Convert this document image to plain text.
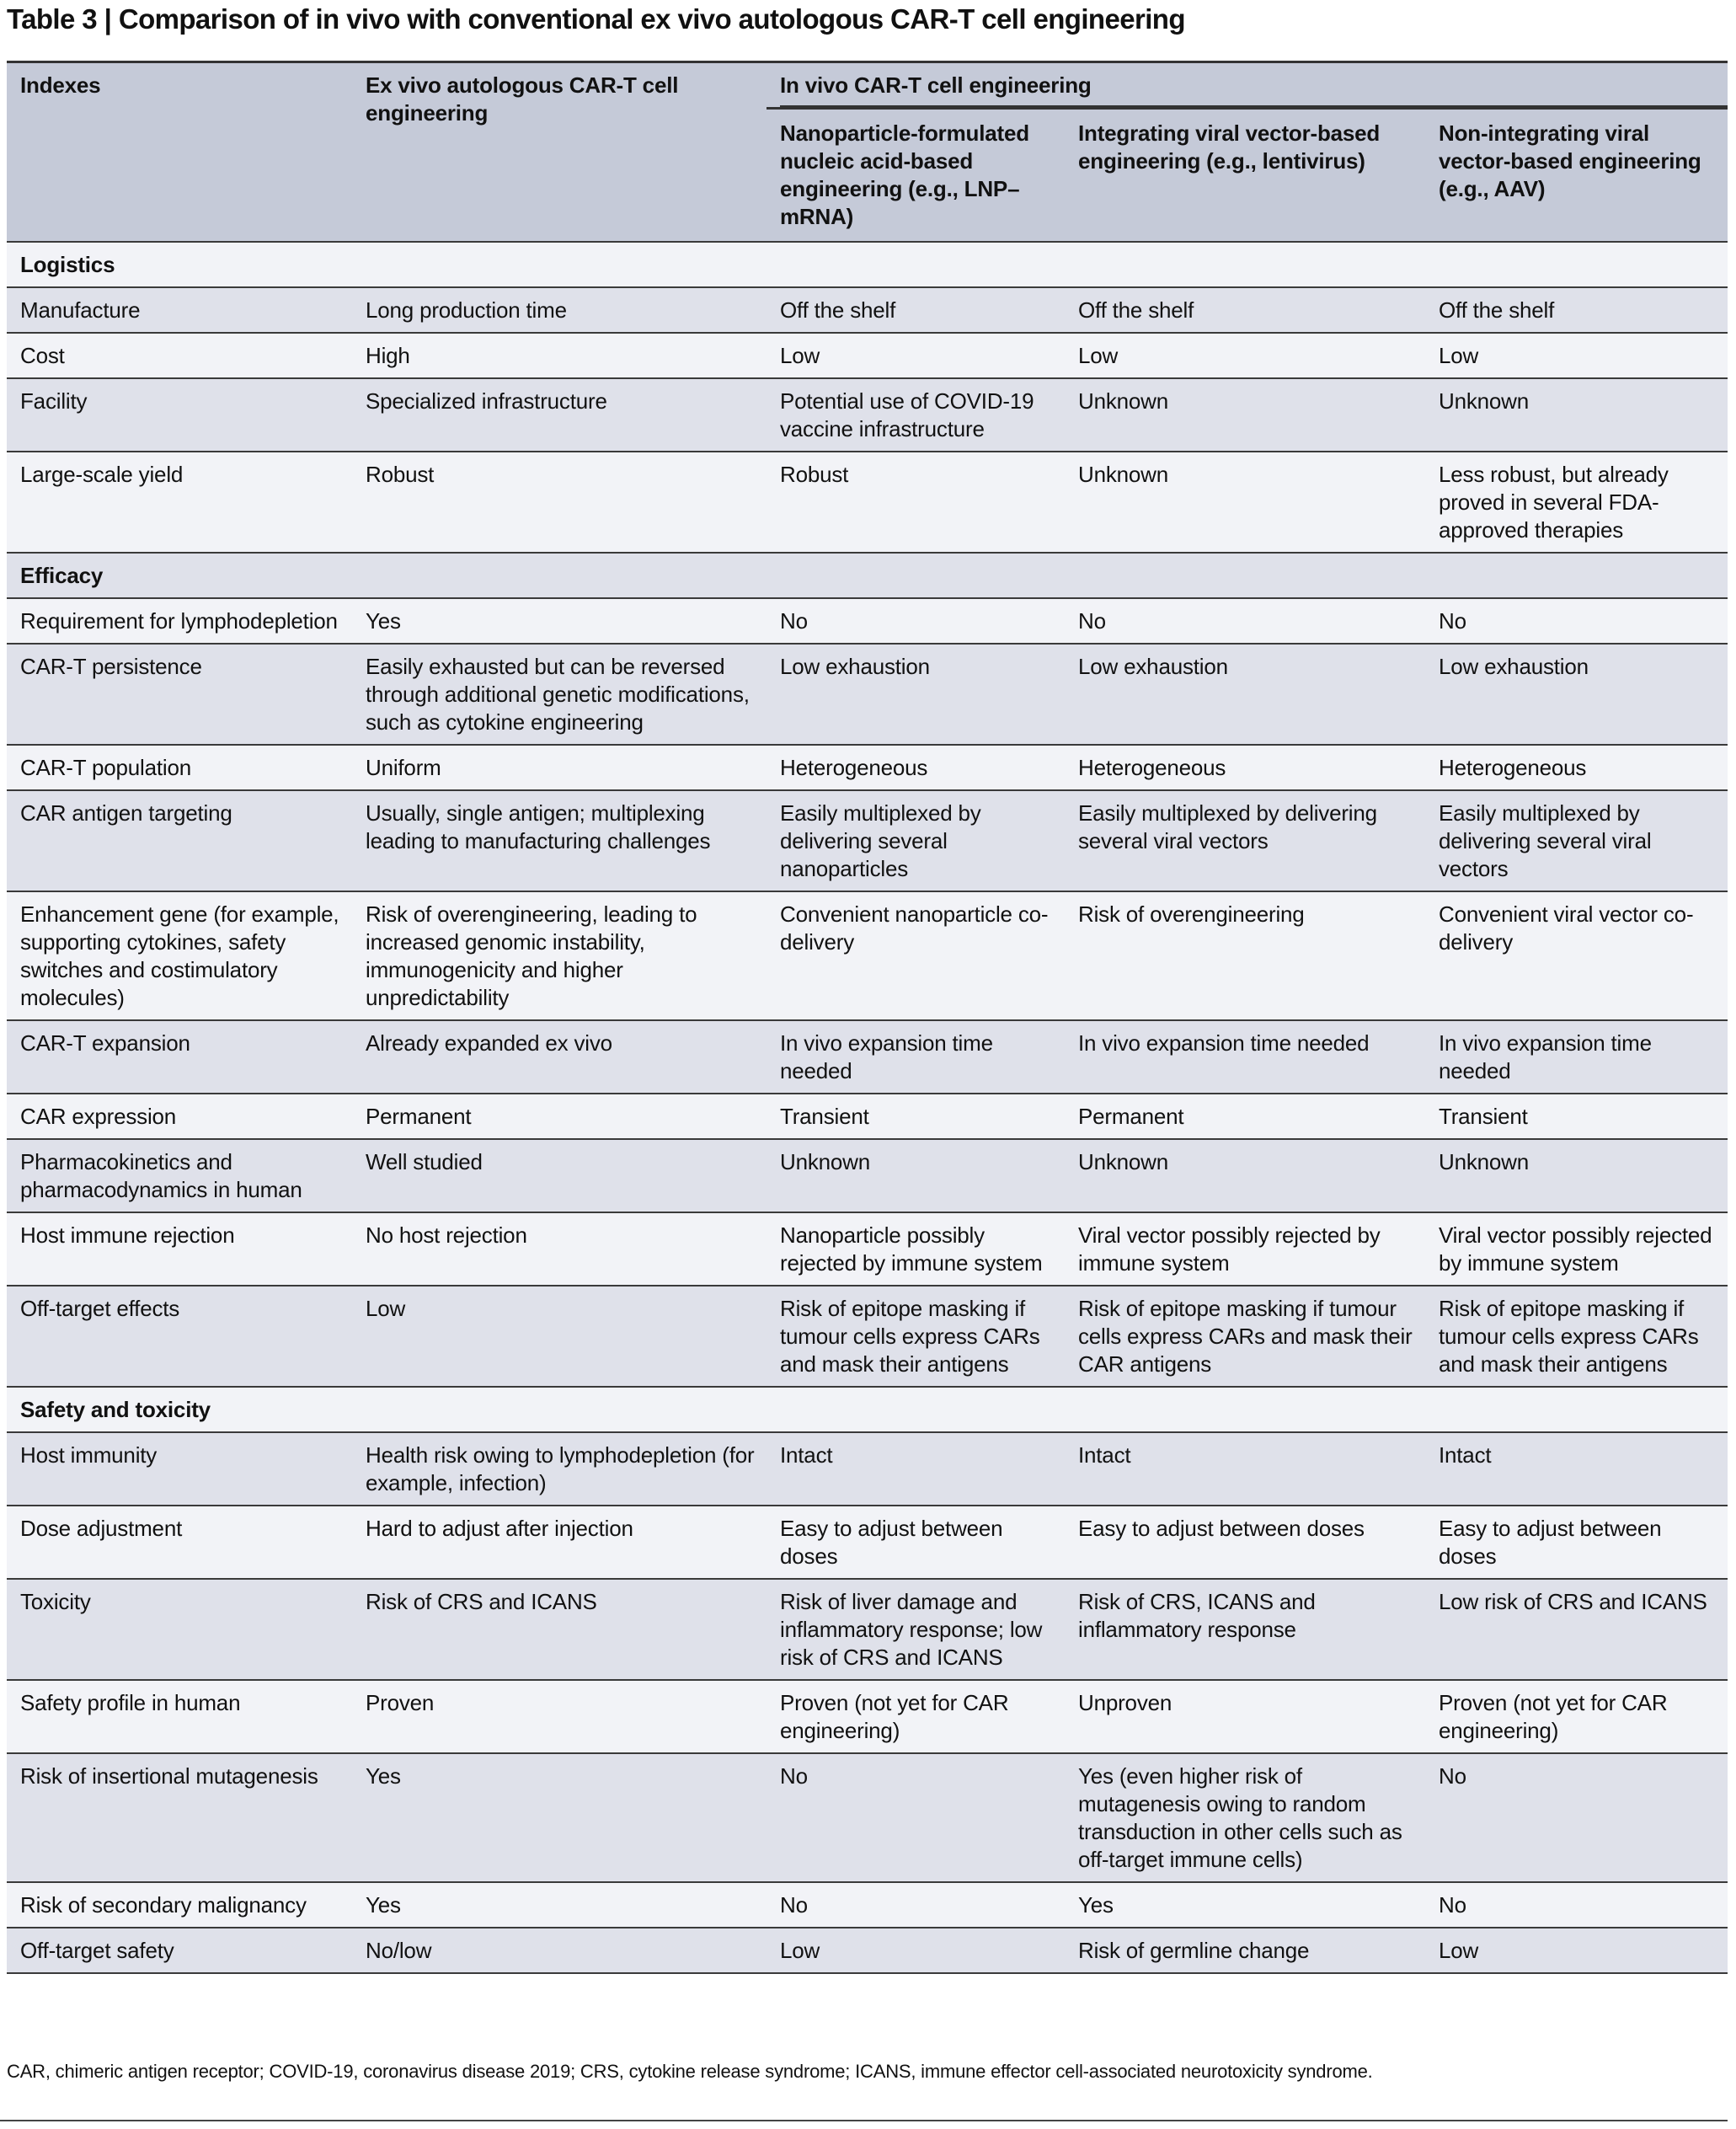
Table 3 | Comparison of in vivo with conventional ex vivo autologous CAR-T cell engineering
Indexes	Ex vivo autologous CAR-T cell engineering	In vivo CAR-T cell engineering		

		Nanoparticle-formulated nucleic acid-based engineering (e.g., LNP–mRNA)	Integrating viral vector-based engineering (e.g., lentivirus)	Non-integrating viral vector-based engineering (e.g., AAV)
Logistics				
Manufacture	Long production time	Off the shelf	Off the shelf	Off the shelf
Cost	High	Low	Low	Low
Facility	Specialized infrastructure	Potential use of COVID-19 vaccine infrastructure	Unknown	Unknown
Large-scale yield	Robust	Robust	Unknown	Less robust, but already proved in several FDA-approved therapies
Efficacy				
Requirement for lymphodepletion	Yes	No	No	No
CAR-T persistence	Easily exhausted but can be reversed through additional genetic modifications, such as cytokine engineering	Low exhaustion	Low exhaustion	Low exhaustion
CAR-T population	Uniform	Heterogeneous	Heterogeneous	Heterogeneous
CAR antigen targeting	Usually, single antigen; multiplexing leading to manufacturing challenges	Easily multiplexed by delivering several nanoparticles	Easily multiplexed by delivering several viral vectors	Easily multiplexed by delivering several viral vectors
Enhancement gene (for example, supporting cytokines, safety switches and costimulatory molecules)	Risk of overengineering, leading to increased genomic instability, immunogenicity and higher unpredictability	Convenient nanoparticle co-delivery	Risk of overengineering	Convenient viral vector co-delivery
CAR-T expansion	Already expanded ex vivo	In vivo expansion time needed	In vivo expansion time needed	In vivo expansion time needed
CAR expression	Permanent	Transient	Permanent	Transient
Pharmacokinetics and pharmacodynamics in human	Well studied	Unknown	Unknown	Unknown
Host immune rejection	No host rejection	Nanoparticle possibly rejected by immune system	Viral vector possibly rejected by immune system	Viral vector possibly rejected by immune system
Off-target effects	Low	Risk of epitope masking if tumour cells express CARs and mask their antigens	Risk of epitope masking if tumour cells express CARs and mask their CAR antigens	Risk of epitope masking if tumour cells express CARs and mask their antigens
Safety and toxicity				
Host immunity	Health risk owing to lymphodepletion (for example, infection)	Intact	Intact	Intact
Dose adjustment	Hard to adjust after injection	Easy to adjust between doses	Easy to adjust between doses	Easy to adjust between doses
Toxicity	Risk of CRS and ICANS	Risk of liver damage and inflammatory response; low risk of CRS and ICANS	Risk of CRS, ICANS and inflammatory response	Low risk of CRS and ICANS
Safety profile in human	Proven	Proven (not yet for CAR engineering)	Unproven	Proven (not yet for CAR engineering)
Risk of insertional mutagenesis	Yes	No	Yes (even higher risk of mutagenesis owing to random transduction in other cells such as off-target immune cells)	No
Risk of secondary malignancy	Yes	No	Yes	No
Off-target safety	No/low	Low	Risk of germline change	Low
CAR, chimeric antigen receptor; COVID-19, coronavirus disease 2019; CRS, cytokine release syndrome; ICANS, immune effector cell-associated neurotoxicity syndrome.
